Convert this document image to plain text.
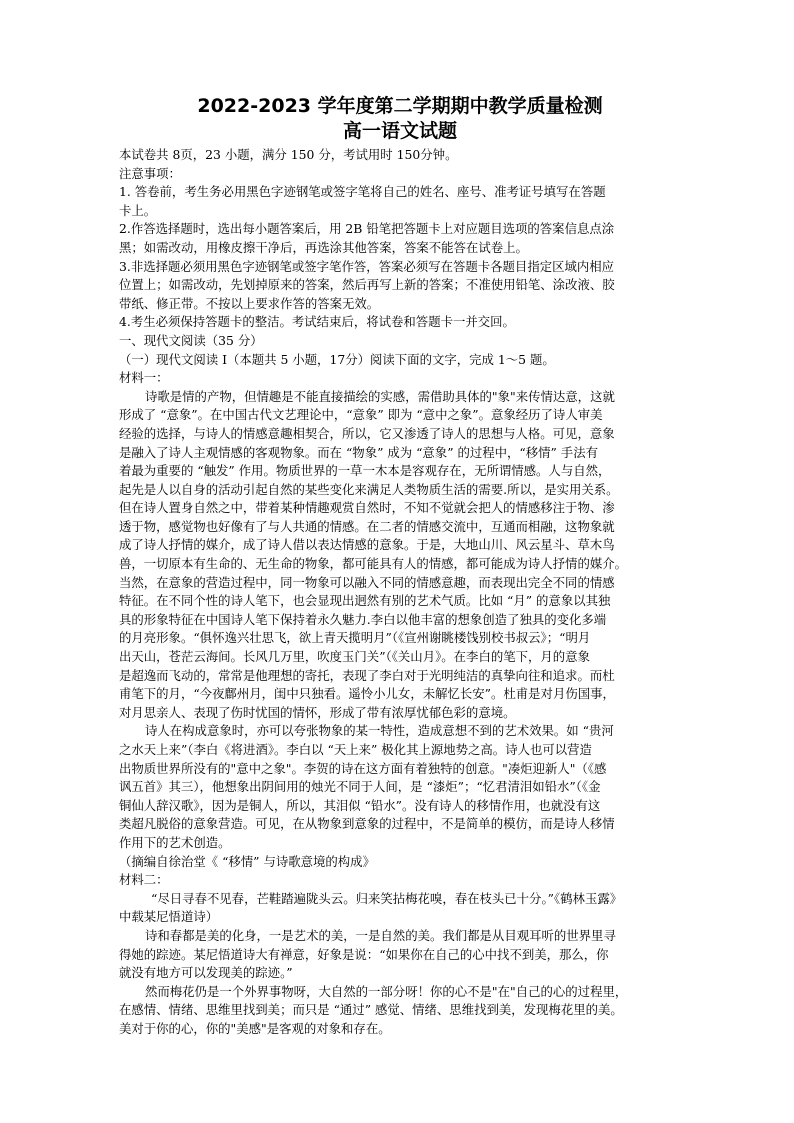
2022-2023 学年度第二学期期中教学质量检测
高一语文试题
本试卷共 8页，23 小题，满分 150 分，考试用时 150分钟。
注意事项：
1. 答卷前，考生务必用黑色字迹钢笔或签字笔将自己的姓名、座号、准考证号填写在答题
卡上。
2.作答选择题时，选出每小题答案后，用 2B 铅笔把答题卡上对应题目选项的答案信息点涂
黑；如需改动，用橡皮擦干净后，再选涂其他答案，答案不能答在试卷上。
3.非选择题必须用黑色字迹钢笔或签字笔作答，答案必须写在答题卡各题目指定区域内相应
位置上；如需改动，先划掉原来的答案，然后再写上新的答案；不准使用铅笔、涂改液、胶
带纸、修正带。不按以上要求作答的答案无效。
4.考生必须保持答题卡的整洁。考试结束后，将试卷和答题卡一并交回。
一、现代文阅读（35 分）
（一）现代文阅读 I（本题共 5 小题，17分）阅读下面的文字，完成 1～5 题。
材料一：
诗歌是情的产物，但情趣是不能直接描绘的实感，需借助具体的"象"来传情达意，这就
形成了 “意象”。在中国古代文艺理论中，“意象” 即为 “意中之象”。意象经历了诗人审美
经验的选择，与诗人的情感意趣相契合，所以，它又渗透了诗人的思想与人格。可见，意象
是融入了诗人主观情感的客观物象。而在 “物象” 成为 “意象” 的过程中，“移情” 手法有
着最为重要的 “触发” 作用。物质世界的一草一木本是容观存在，无所谓情感。人与自然，
起先是人以自身的活动引起自然的某些变化来满足人类物质生活的需要.所以，是实用关系。
但在诗人置身自然之中，带着某种情趣观赏自然时，不知不觉就会把人的情感移注于物、渗
透于物，感觉物也好像有了与人共通的情感。在二者的情感交流中，互通而相融，这物象就
成了诗人抒情的媒介，成了诗人借以表达情感的意象。于是，大地山川、风云星斗、草木鸟
兽，一切原本有生命的、无生命的物象，都可能具有人的情感，都可能成为诗人抒情的媒介。
当然，在意象的营造过程中，同一物象可以融入不同的情感意趣，而表现出完全不同的情感
特征。在不同个性的诗人笔下，也会显现出迥然有别的艺术气质。比如 “月” 的意象以其独
具的形象特征在中国诗人笔下保持着永久魅力.李白以他丰富的想象创造了独具的变化多端
的月亮形象。“俱怀逸兴壮思飞，欲上青天揽明月”（《宣州谢眺楼饯别校书叔云》；“明月
出天山，苍茫云海间。长风几万里，吹度玉门关”（《关山月》。在李白的笔下，月的意象
是超逸而飞动的，常常是他理想的寄托，表现了李白对于光明纯洁的真挚向往和追求。而杜
甫笔下的月，“今夜鄜州月，闺中只独看。遥怜小儿女，未解忆长安”。杜甫是对月伤国事，
对月思亲人、表现了伤时忧国的情怀，形成了带有浓厚忧郁色彩的意境。
诗人在构成意象时，亦可以夸张物象的某一特性，造成意想不到的艺术效果。如 “贵河
之水天上来”（李白《将进酒》。李白以 “天上来” 极化其上源地势之高。诗人也可以营造
出物质世界所没有的"意中之象"。李贺的诗在这方面有着独特的创意。"凑炬迎新人"（《感
讽五首》其三），他想象出阴间用的烛光不同于人间，是 “漆炬”；“忆君清泪如铅水”（《金
铜仙人辞汉歌》，因为是铜人，所以，其泪似 “铅水”。没有诗人的移情作用，也就没有这
类超凡脱俗的意象营造。可见，在从物象到意象的过程中，不是简单的模仿，而是诗人移情
作用下的艺术创造。
（摘编自徐治堂《 “移情” 与诗歌意境的构成》
材料二：
“尽日寻春不见春，芒鞋踏遍陇头云。归来笑拈梅花嗅，春在枝头已十分。”《鹤林玉露》
中载某尼悟道诗）
诗和春都是美的化身，一是艺术的美，一是自然的美。我们都是从目观耳听的世界里寻
得她的踪迹。某尼悟道诗大有禅意，好象是说：“如果你在自己的心中找不到美，那么，你
就没有地方可以发现美的踪迹。”
然而梅花仍是一个外界事物呀，大自然的一部分呀！你的心不是"在"自己的心的过程里，
在感情、情绪、思维里找到美；而只是 “通过” 感觉、情绪、思维找到美，发现梅花里的美。
美对于你的心，你的"美感"是客观的对象和存在。
